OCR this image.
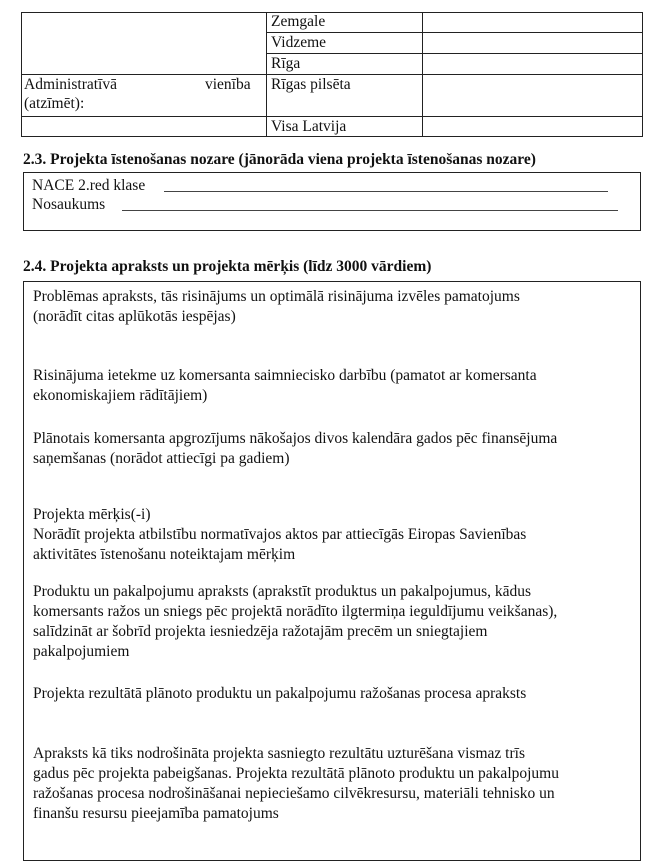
Zemgale
Vidzeme
Rīga
Rīgas pilsēta
Visa Latvija
Administratīvā	vienība
(atzīmēt):
2.3. Projekta īstenošanas nozare (jānorāda viena projekta īstenošanas nozare)
NACE 2.red klase
Nosaukums
2.4. Projekta apraksts un projekta mērķis (līdz 3000 vārdiem)
Problēmas apraksts, tās risinājums un optimālā risinājuma izvēles pamatojums
(norādīt citas aplūkotās iespējas)
Risinājuma ietekme uz komersanta saimniecisko darbību (pamatot ar komersanta
ekonomiskajiem rādītājiem)
Plānotais komersanta apgrozījums nākošajos divos kalendāra gados pēc finansējuma
saņemšanas (norādot attiecīgi pa gadiem)
Projekta mērķis(-i)
Norādīt projekta atbilstību normatīvajos aktos par attiecīgās Eiropas Savienības
aktivitātes īstenošanu noteiktajam mērķim
Produktu un pakalpojumu apraksts (aprakstīt produktus un pakalpojumus, kādus
komersants ražos un sniegs pēc projektā norādīto ilgtermiņa ieguldījumu veikšanas),
salīdzināt ar šobrīd projekta iesniedzēja ražotajām precēm un sniegtajiem
pakalpojumiem
Projekta rezultātā plānoto produktu un pakalpojumu ražošanas procesa apraksts
Apraksts kā tiks nodrošināta projekta sasniegto rezultātu uzturēšana vismaz trīs
gadus pēc projekta pabeigšanas. Projekta rezultātā plānoto produktu un pakalpojumu
ražošanas procesa nodrošināšanai nepieciešamo cilvēkresursu, materiāli tehnisko un
finanšu resursu pieejamība pamatojums
